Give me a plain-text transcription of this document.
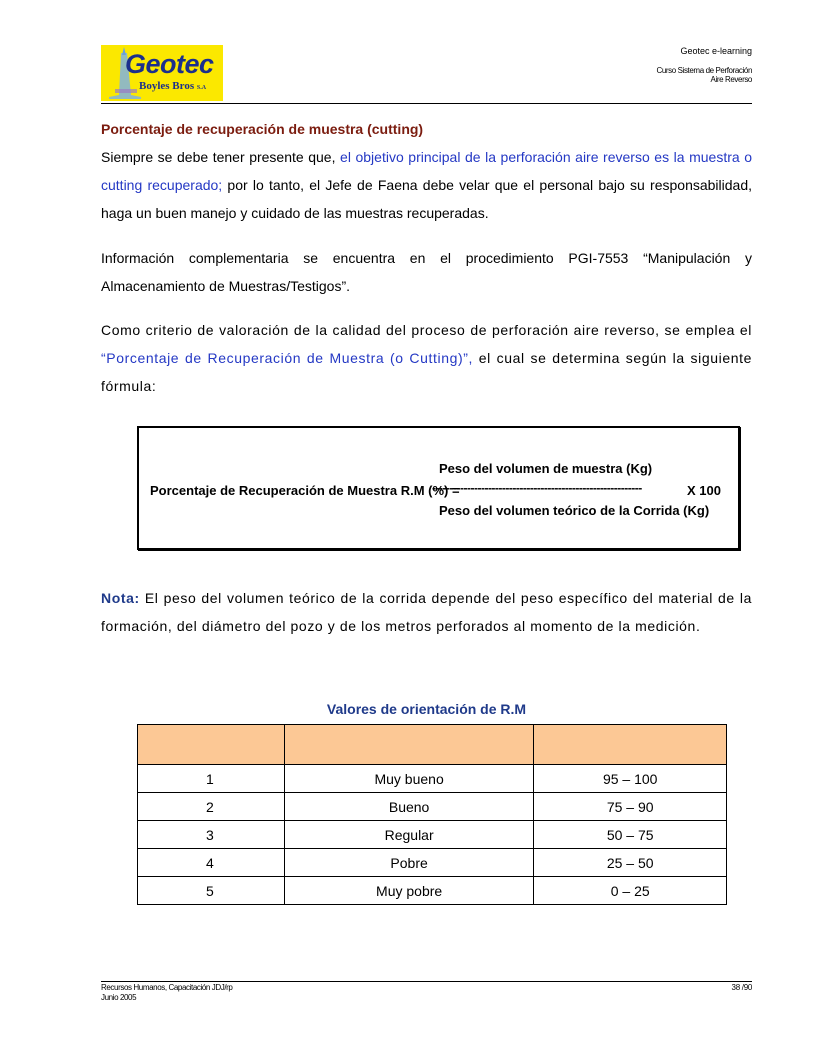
Geotec
Boyles Bros S.A
Geotec e-learning
Curso Sistema de Perforación
Aire Reverso
Porcentaje de recuperación de muestra (cutting)

Siempre se debe tener presente que, el objetivo principal de la perforación aire reverso es la muestra o cutting recuperado; por lo tanto, el Jefe de Faena debe velar que el personal bajo su responsabilidad, haga un buen manejo y cuidado de las muestras recuperadas.

Información complementaria se encuentra en el procedimiento PGI-7553 “Manipulación y Almacenamiento de Muestras/Testigos”.

Como criterio de valoración de la calidad del proceso de perforación aire reverso, se emplea el “Porcentaje de Recuperación de Muestra (o Cutting)”, el cual se determina según la siguiente fórmula:

Peso del volumen de muestra (Kg)
Porcentaje de Recuperación de Muestra R.M (%) =
------------------------------------------------------------
Peso del volumen teórico de la Corrida (Kg)
X 100

Nota: El peso del volumen teórico de la corrida depende del peso específico del material de la formación, del diámetro del pozo y de los metros perforados al momento de la medición.

Valores de orientación de R.M

1	Muy bueno	95 – 100
2	Bueno	75 – 90
3	Regular	50 – 75
4	Pobre	25 – 50
5	Muy pobre	0 – 25
Recursos Humanos, Capacitación JDJ/rp
Junio 2005
38 /90
